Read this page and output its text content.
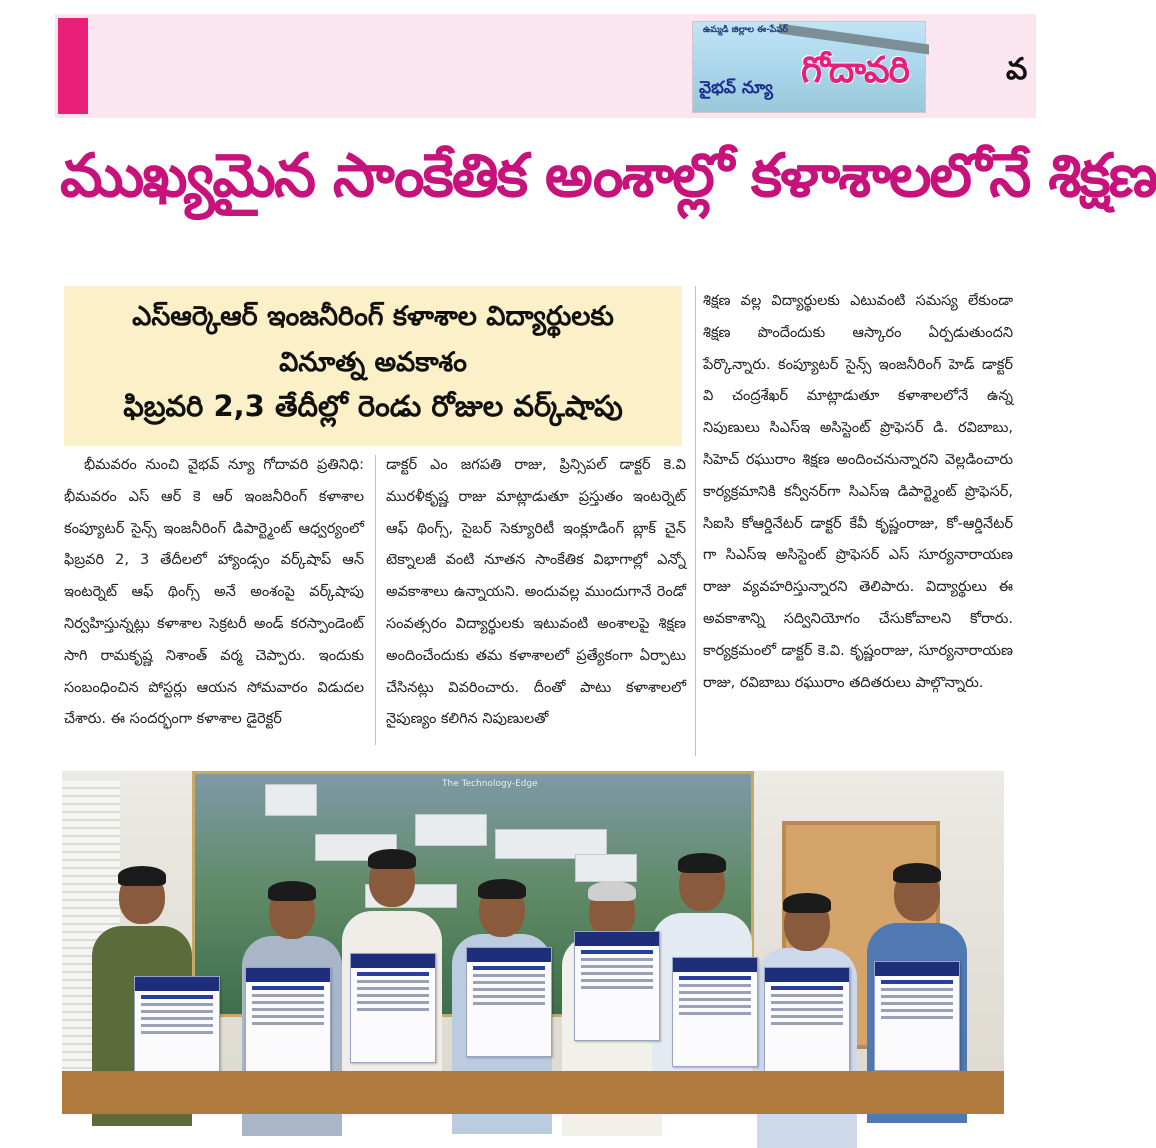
ఉమ్మడి జిల్లాల ఈ-పేపర్
వైభవ్ న్యూ గోదావరి	వ
ముఖ్యమైన సాంకేతిక అంశాల్లో కళాశాలలోనే శిక్షణ
ఎస్ఆర్కెఆర్ ఇంజనీరింగ్ కళాశాల విద్యార్థులకు
వినూత్న అవకాశం
ఫిబ్రవరి 2,3 తేదీల్లో రెండు రోజుల వర్క్‌షాపు
భీమవరం నుంచి వైభవ్ న్యూ గోదావరి ప్రతినిధి: భీమవరం ఎస్ ఆర్ కె ఆర్ ఇంజనీరింగ్ కళాశాల కంప్యూటర్ సైన్స్ ఇంజనీరింగ్ డిపార్ట్మెంట్ ఆధ్వర్యంలో ఫిబ్రవరి 2, 3 తేదీలలో హ్యాండ్సం వర్క్‌షాప్ ఆన్ ఇంటర్నెట్ ఆఫ్ థింగ్స్ అనే అంశంపై వర్క్‌షాపు నిర్వహిస్తున్నట్లు కళాశాల సెక్రటరీ అండ్ కరస్పాండెంట్ సాగి రామకృష్ణ నిశాంత్ వర్మ చెప్పారు. ఇందుకు సంబంధించిన పోస్టర్లు ఆయన సోమవారం విడుదల చేశారు. ఈ సందర్భంగా కళాశాల డైరెక్టర్
డాక్టర్ ఎం జగపతి రాజు, ప్రిన్సిపల్ డాక్టర్ కె.వి మురళీకృష్ణ రాజు మాట్లాడుతూ ప్రస్తుతం ఇంటర్నెట్ ఆఫ్ థింగ్స్, సైబర్ సెక్యూరిటీ ఇంక్లూడింగ్ బ్లాక్ చైన్ టెక్నాలజీ వంటి నూతన సాంకేతిక విభాగాల్లో ఎన్నో అవకాశాలు ఉన్నాయని. అందువల్ల ముందుగానే రెండో సంవత్సరం విద్యార్థులకు ఇటువంటి అంశాలపై శిక్షణ అందించేందుకు తమ కళాశాలలో ప్రత్యేకంగా ఏర్పాటు చేసినట్లు వివరించారు. దీంతో పాటు కళాశాలలో నైపుణ్యం కలిగిన నిపుణులతో
శిక్షణ వల్ల విద్యార్థులకు ఎటువంటి సమస్య లేకుండా శిక్షణ పొందేందుకు ఆస్కారం ఏర్పడుతుందని పేర్కొన్నారు. కంప్యూటర్ సైన్స్ ఇంజనీరింగ్ హెడ్ డాక్టర్ వి చంద్రశేఖర్ మాట్లాడుతూ కళాశాలలోనే ఉన్న నిపుణులు సిఎస్ఇ అసిస్టెంట్ ప్రొఫెసర్ డి. రవిబాబు, సిహెచ్ రఘురాం శిక్షణ అందించనున్నారని వెల్లడించారు కార్యక్రమానికి కన్వీనర్‌గా సిఎస్ఇ డిపార్ట్మెంట్ ప్రొఫెసర్, సిఐసి కోఆర్డినేటర్ డాక్టర్ కేవీ కృష్ణంరాజు, కో-ఆర్డినేటర్ గా సిఎస్ఇ అసిస్టెంట్ ప్రొఫెసర్ ఎస్ సూర్యనారాయణ రాజు వ్యవహరిస్తున్నారని తెలిపారు. విద్యార్థులు ఈ అవకాశాన్ని సద్వినియోగం చేసుకోవాలని కోరారు. కార్యక్రమంలో డాక్టర్ కె.వి. కృష్ణంరాజు, సూర్యనారాయణ రాజు, రవిబాబు రఘురాం తదితరులు పాల్గొన్నారు.
The Technology-Edge
